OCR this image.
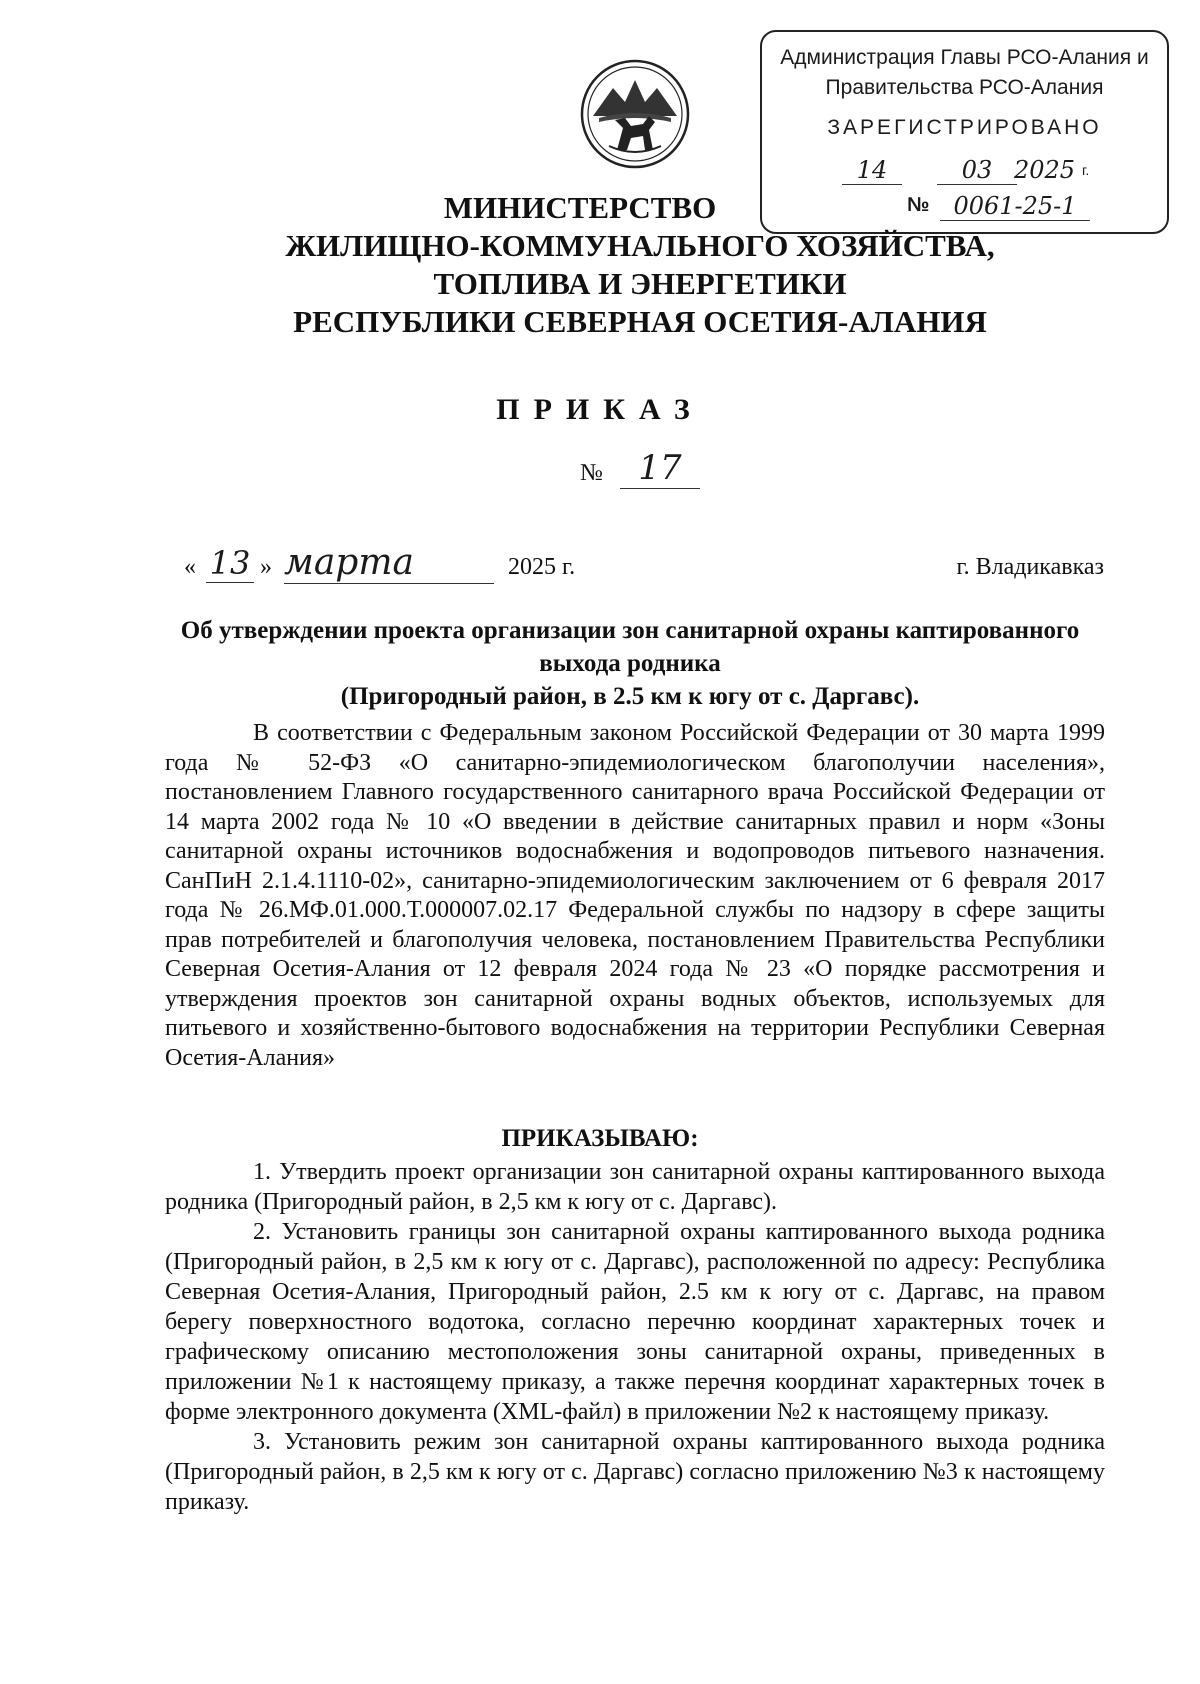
Администрация Главы РСО-Алания и
Правительства РСО-Алания
ЗАРЕГИСТРИРОВАНО
14	03 2025 г.
№	0061-25-1
МИНИСТЕРСТВО
ЖИЛИЩНО-КОММУНАЛЬНОГО ХОЗЯЙСТВА,
ТОПЛИВА И ЭНЕРГЕТИКИ
РЕСПУБЛИКИ СЕВЕРНАЯ ОСЕТИЯ-АЛАНИЯ
ПРИКАЗ
№	17
« 13 » марта	2025 г.	г. Владикавказ
Об утверждении проекта организации зон санитарной охраны каптированного
выхода родника
(Пригородный район, в 2.5 км к югу от с. Даргавс).

В соответствии с Федеральным законом Российской Федерации от 30 марта 1999 года № 52-ФЗ «О санитарно-эпидемиологическом благополучии населения», постановлением Главного государственного санитарного врача Российской Федерации от 14 марта 2002 года № 10 «О введении в действие санитарных правил и норм «Зоны санитарной охраны источников водоснабжения и водопроводов питьевого назначения. СанПиН 2.1.4.1110-02», санитарно-эпидемиологическим заключением от 6 февраля 2017 года № 26.МФ.01.000.Т.000007.02.17 Федеральной службы по надзору в сфере защиты прав потребителей и благополучия человека, постановлением Правительства Республики Северная Осетия-Алания от 12 февраля 2024 года № 23 «О порядке рассмотрения и утверждения проектов зон санитарной охраны водных объектов, используемых для питьевого и хозяйственно-бытового водоснабжения на территории Республики Северная Осетия-Алания»

ПРИКАЗЫВАЮ:

1. Утвердить проект организации зон санитарной охраны каптированного выхода родника (Пригородный район, в 2,5 км к югу от с. Даргавс).

2. Установить границы зон санитарной охраны каптированного выхода родника (Пригородный район, в 2,5 км к югу от с. Даргавс), расположенной по адресу: Республика Северная Осетия-Алания, Пригородный район, 2.5 км к югу от с. Даргавс, на правом берегу поверхностного водотока, согласно перечню координат характерных точек и графическому описанию местоположения зоны санитарной охраны, приведенных в приложении №1 к настоящему приказу, а также перечня координат характерных точек в форме электронного документа (XML-файл) в приложении №2 к настоящему приказу.

3. Установить режим зон санитарной охраны каптированного выхода родника (Пригородный район, в 2,5 км к югу от с. Даргавс) согласно приложению №3 к настоящему приказу.
